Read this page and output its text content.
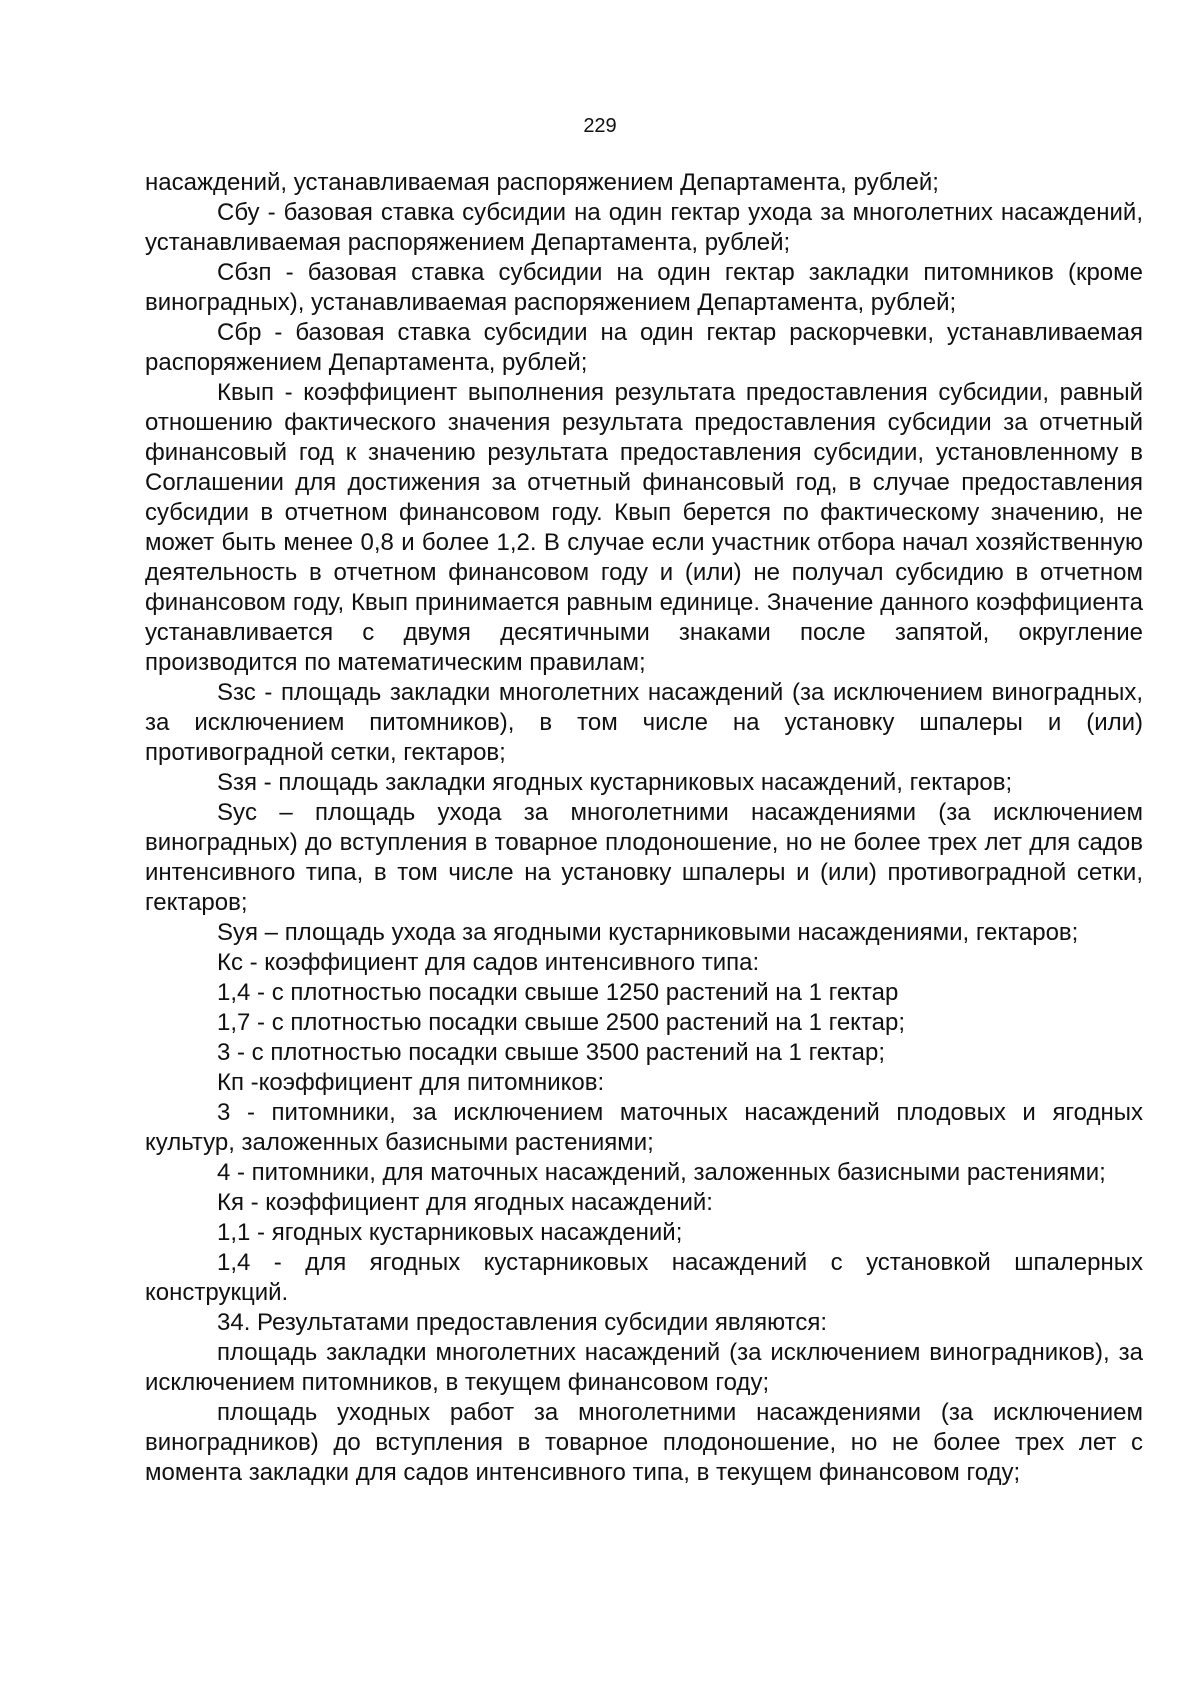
229

насаждений, устанавливаемая распоряжением Департамента, рублей;

Сбу - базовая ставка субсидии на один гектар ухода за многолетних насаждений, устанавливаемая распоряжением Департамента, рублей;

Сбзп - базовая ставка субсидии на один гектар закладки питомников (кроме виноградных), устанавливаемая распоряжением Департамента, рублей;

Сбр - базовая ставка субсидии на один гектар раскорчевки, устанавливаемая распоряжением Департамента, рублей;

Квып - коэффициент выполнения результата предоставления субсидии, равный отношению фактического значения результата предоставления субсидии за отчетный финансовый год к значению результата предоставления субсидии, установленному в Соглашении для достижения за отчетный финансовый год, в случае предоставления субсидии в отчетном финансовом году. Квып берется по фактическому значению, не может быть менее 0,8 и более 1,2. В случае если участник отбора начал хозяйственную деятельность в отчетном финансовом году и (или) не получал субсидию в отчетном финансовом году, Квып принимается равным единице. Значение данного коэффициента устанавливается с двумя десятичными знаками после запятой, округление производится по математическим правилам;

Sзс - площадь закладки многолетних насаждений (за исключением виноградных, за исключением питомников), в том числе на установку шпалеры и (или) противоградной сетки, гектаров;

Sзя - площадь закладки ягодных кустарниковых насаждений, гектаров;

Syc – площадь ухода за многолетними насаждениями (за исключением виноградных) до вступления в товарное плодоношение, но не более трех лет для садов интенсивного типа, в том числе на установку шпалеры и (или) противоградной сетки, гектаров;

Syя – площадь ухода за ягодными кустарниковыми насаждениями, гектаров;

Кс - коэффициент для садов интенсивного типа:

1,4 - с плотностью посадки свыше 1250 растений на 1 гектар

1,7 - с плотностью посадки свыше 2500 растений на 1 гектар;

3 - с плотностью посадки свыше 3500 растений на 1 гектар;

Кп -коэффициент для питомников:

3 - питомники, за исключением маточных насаждений плодовых и ягодных культур, заложенных базисными растениями;

4 - питомники, для маточных насаждений, заложенных базисными растениями;

Кя - коэффициент для ягодных насаждений:

1,1 - ягодных кустарниковых насаждений;

1,4 - для ягодных кустарниковых насаждений с установкой шпалерных конструкций.

34. Результатами предоставления субсидии являются:

площадь закладки многолетних насаждений (за исключением виноградников), за исключением питомников, в текущем финансовом году;

площадь уходных работ за многолетними насаждениями (за исключением виноградников) до вступления в товарное плодоношение, но не более трех лет с момента закладки для садов интенсивного типа, в текущем финансовом году;
